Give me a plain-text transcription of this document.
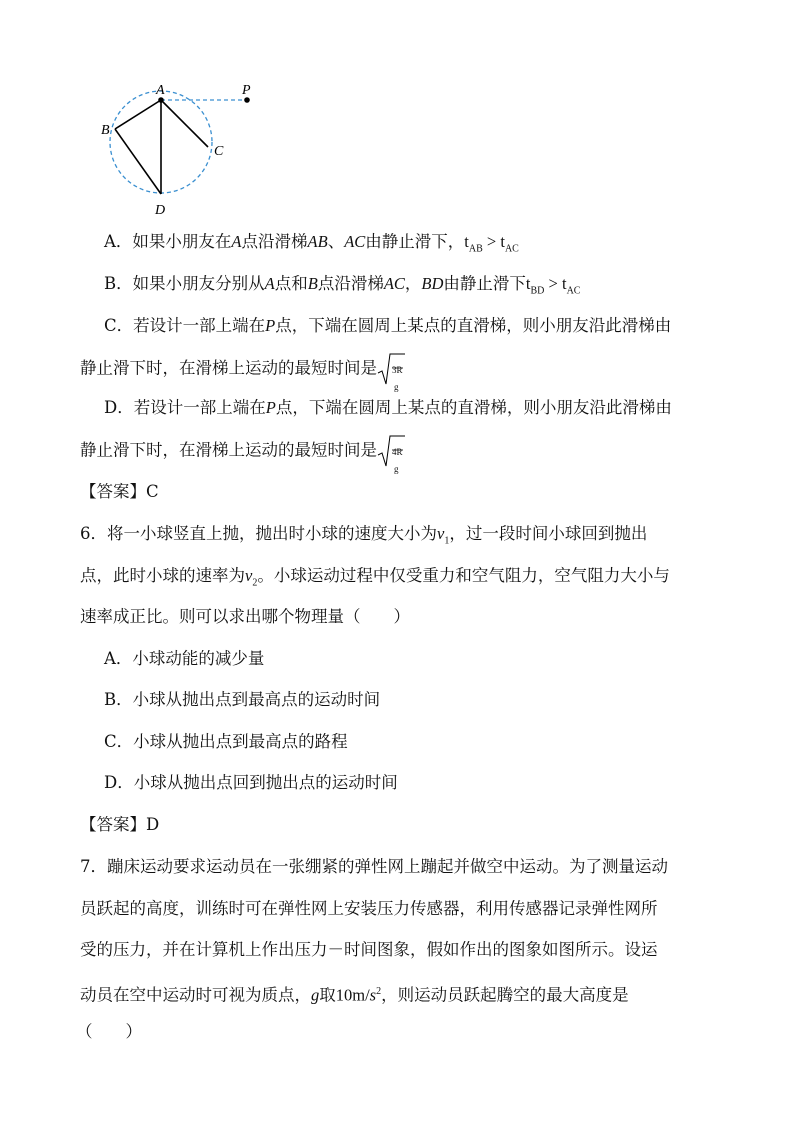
A	P
B
C
D
A．如果小朋友在A点沿滑梯AB、AC由静止滑下，$t_{AB} > t_{AC}$
B．如果小朋友分别从A点和B点沿滑梯AC，BD由静止滑下$t_{BD} > t_{AC}$
C．若设计一部上端在P点，下端在圆周上某点的直滑梯，则小朋友沿此滑梯由
静止滑下时，在滑梯上运动的最短时间是 3R
g
D．若设计一部上端在P点，下端在圆周上某点的直滑梯，则小朋友沿此滑梯由
静止滑下时，在滑梯上运动的最短时间是 4R
g
【答案】C
6．将一小球竖直上抛，抛出时小球的速度大小为$v_1$，过一段时间小球回到抛出
点，此时小球的速率为$v_2$。小球运动过程中仅受重力和空气阻力，空气阻力大小与
速率成正比。则可以求出哪个物理量（　　）
A．小球动能的减少量
B．小球从抛出点到最高点的运动时间
C．小球从抛出点到最高点的路程
D．小球从抛出点回到抛出点的运动时间
【答案】D
7．蹦床运动要求运动员在一张绷紧的弹性网上蹦起并做空中运动。为了测量运动
员跃起的高度，训练时可在弹性网上安装压力传感器，利用传感器记录弹性网所
受的压力，并在计算机上作出压力－时间图象，假如作出的图象如图所示。设运
动员在空中运动时可视为质点，g取$10m/s^2$，则运动员跃起腾空的最大高度是
（　　）
